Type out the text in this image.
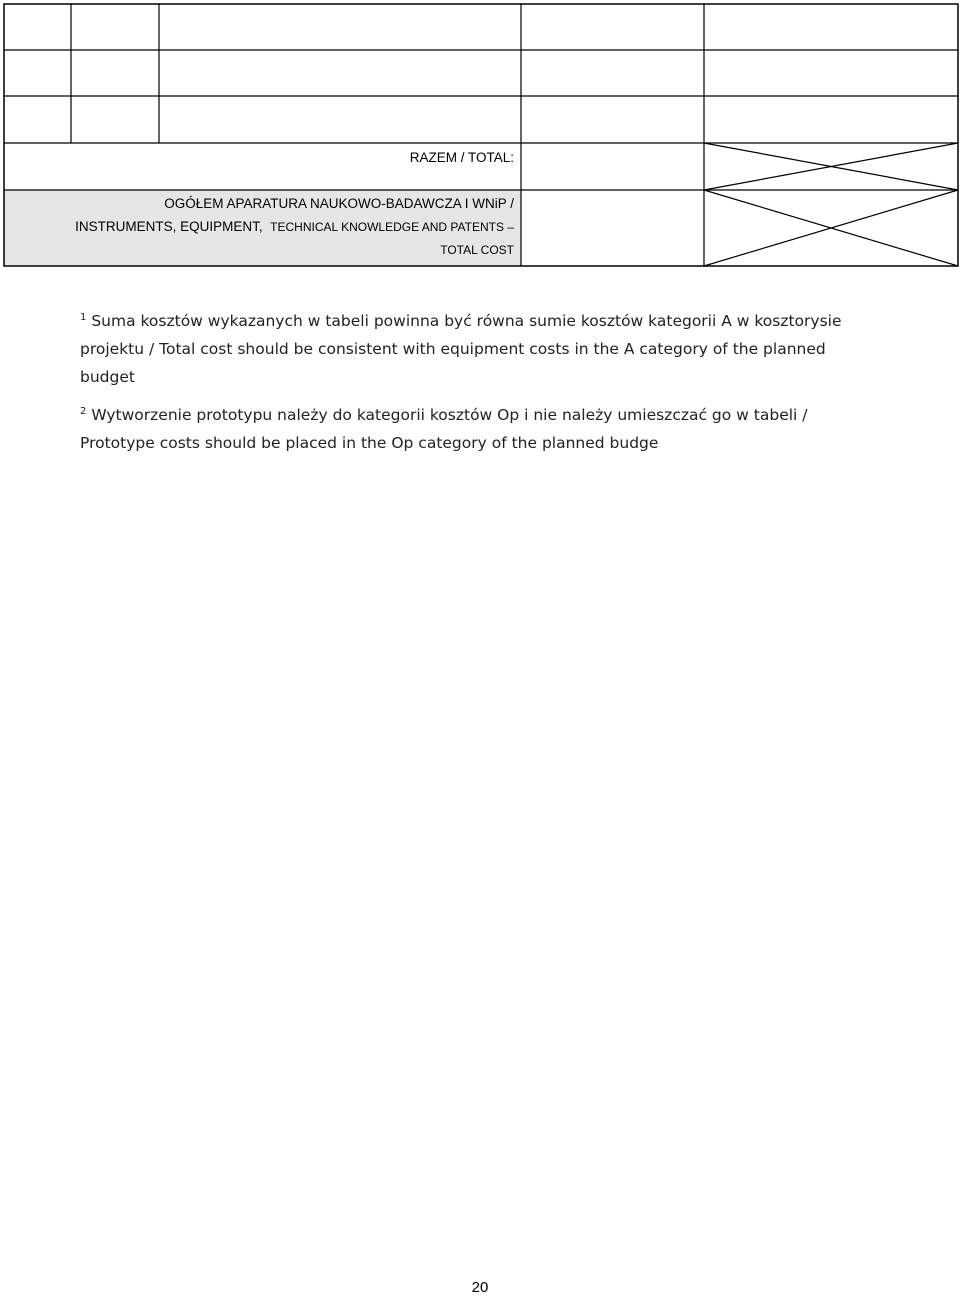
RAZEM / TOTAL:
OGÓŁEM APARATURA NAUKOWO-BADAWCZA I WNiP /
INSTRUMENTS, EQUIPMENT, TECHNICAL KNOWLEDGE AND PATENTS –
TOTAL COST

$^1$ Suma kosztów wykazanych w tabeli powinna być równa sumie kosztów kategorii A w kosztorysie projektu / Total cost should be consistent with equipment costs in the A category of the planned budget

$^2$ Wytworzenie prototypu należy do kategorii kosztów Op i nie należy umieszczać go w tabeli / Prototype costs should be placed in the Op category of the planned budge

20
